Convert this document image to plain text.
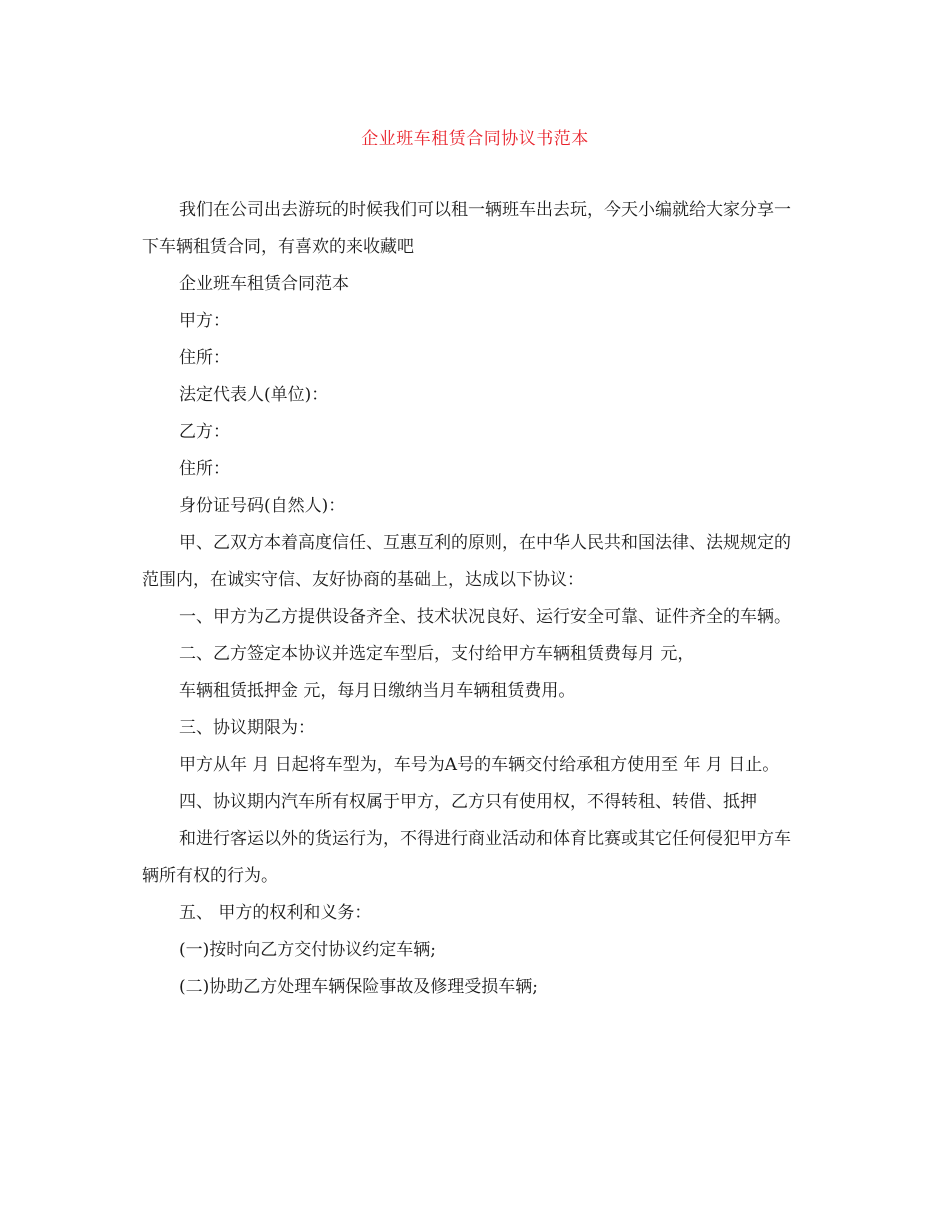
企业班车租赁合同协议书范本

我们在公司出去游玩的时候我们可以租一辆班车出去玩，今天小编就给大家分享一下车辆租赁合同，有喜欢的来收藏吧

企业班车租赁合同范本

甲方：

住所：

法定代表人(单位)：

乙方：

住所：

身份证号码(自然人)：

甲、乙双方本着高度信任、互惠互利的原则，在中华人民共和国法律、法规规定的范围内，在诚实守信、友好协商的基础上，达成以下协议：

一、甲方为乙方提供设备齐全、技术状况良好、运行安全可靠、证件齐全的车辆。

二、乙方签定本协议并选定车型后，支付给甲方车辆租赁费每月 元，

车辆租赁抵押金 元，每月日缴纳当月车辆租赁费用。

三、协议期限为：

甲方从年 月 日起将车型为，车号为A号的车辆交付给承租方使用至 年 月 日止。

四、协议期内汽车所有权属于甲方，乙方只有使用权，不得转租、转借、抵押

和进行客运以外的货运行为，不得进行商业活动和体育比赛或其它任何侵犯甲方车辆所有权的行为。

五、 甲方的权利和义务：

(一)按时向乙方交付协议约定车辆;

(二)协助乙方处理车辆保险事故及修理受损车辆;
